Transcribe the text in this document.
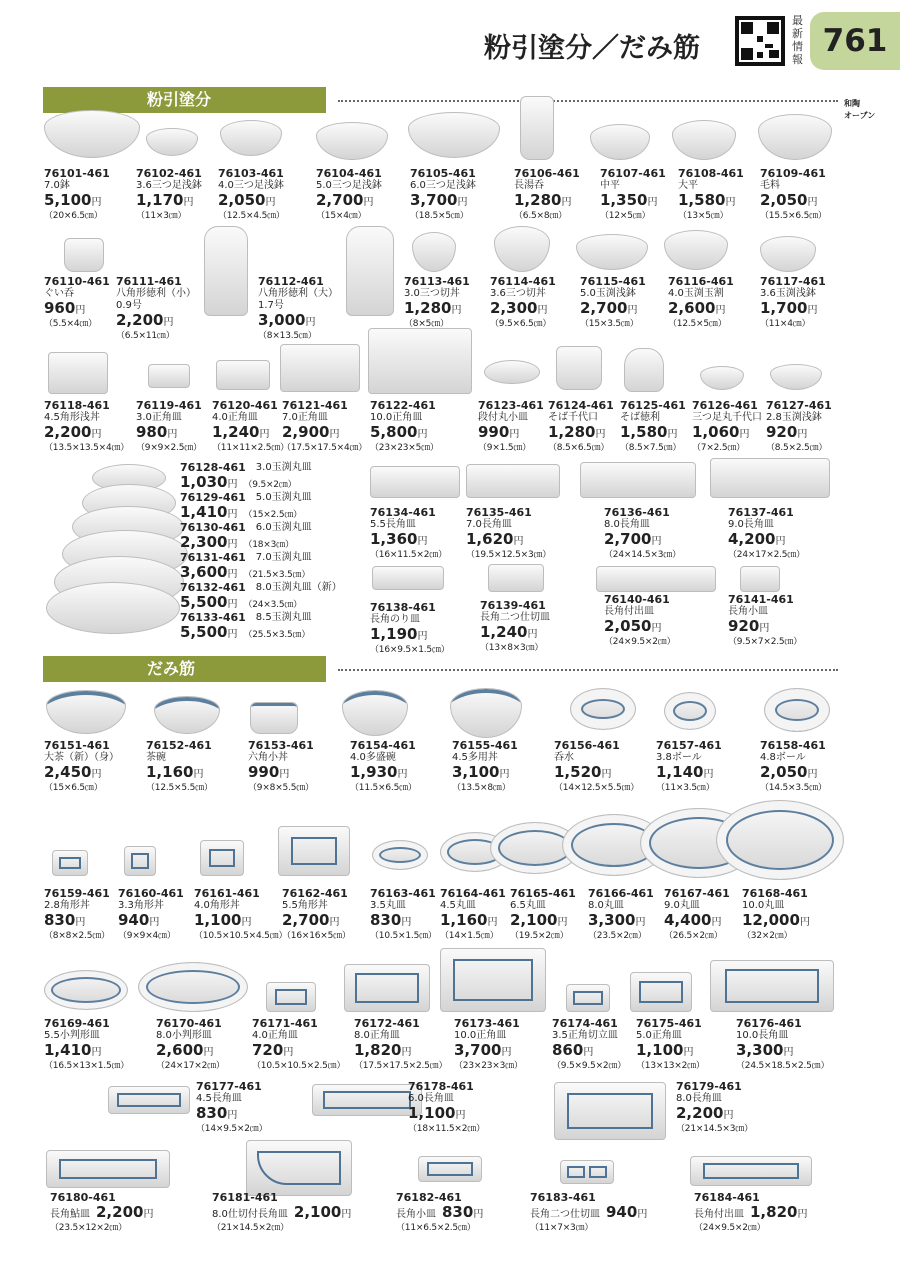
粉引塗分／だみ筋
最新情報
761
和陶
オーブン
粉引塗分
だみ筋
76101-461
7.0鉢
5,100円
（20×6.5㎝）
76102-461
3.6三つ足浅鉢
1,170円
（11×3㎝）
76103-461
4.0三つ足浅鉢
2,050円
（12.5×4.5㎝）
76104-461
5.0三つ足浅鉢
2,700円
（15×4㎝）
76105-461
6.0三つ足浅鉢
3,700円
（18.5×5㎝）
76106-461
長湯呑
1,280円
（6.5×8㎝）
76107-461
中平
1,350円
（12×5㎝）
76108-461
大平
1,580円
（13×5㎝）
76109-461
毛料
2,050円
（15.5×6.5㎝）
76110-461
ぐい呑
960円
（5.5×4㎝）
76111-461
八角形徳利（小）
0.9号
2,200円
（6.5×11㎝）
76112-461
八角形徳利（大）
1.7号
3,000円
（8×13.5㎝）
76113-461
3.0三つ切丼
1,280円
（8×5㎝）
76114-461
3.6三つ切丼
2,300円
（9.5×6.5㎝）
76115-461
5.0玉渕浅鉢
2,700円
（15×3.5㎝）
76116-461
4.0玉渕玉割
2,600円
（12.5×5㎝）
76117-461
3.6玉渕浅鉢
1,700円
（11×4㎝）
76118-461
4.5角形浅丼
2,200円
（13.5×13.5×4㎝）
76119-461
3.0正角皿
980円
（9×9×2.5㎝）
76120-461
4.0正角皿
1,240円
（11×11×2.5㎝）
76121-461
7.0正角皿
2,900円
（17.5×17.5×4㎝）
76122-461
10.0正角皿
5,800円
（23×23×5㎝）
76123-461
段付丸小皿
990円
（9×1.5㎝）
76124-461
そば千代口
1,280円
（8.5×6.5㎝）
76125-461
そば徳利
1,580円
（8.5×7.5㎝）
76126-461
三つ足丸千代口
1,060円
（7×2.5㎝）
76127-461
2.8玉渕浅鉢
920円
（8.5×2.5㎝）
76128-461 3.0玉渕丸皿
1,030円 （9.5×2㎝）
76129-461 5.0玉渕丸皿
1,410円 （15×2.5㎝）
76130-461 6.0玉渕丸皿
2,300円 （18×3㎝）
76131-461 7.0玉渕丸皿
3,600円 （21.5×3.5㎝）
76132-461 8.0玉渕丸皿（新）
5,500円 （24×3.5㎝）
76133-461 8.5玉渕丸皿
5,500円 （25.5×3.5㎝）
76134-461
5.5長角皿
1,360円
（16×11.5×2㎝）
76135-461
7.0長角皿
1,620円
（19.5×12.5×3㎝）
76136-461
8.0長角皿
2,700円
（24×14.5×3㎝）
76137-461
9.0長角皿
4,200円
（24×17×2.5㎝）
76138-461
長角のり皿
1,190円
（16×9.5×1.5㎝）
76139-461
長角二つ仕切皿
1,240円
（13×8×3㎝）
76140-461
長角付出皿
2,050円
（24×9.5×2㎝）
76141-461
長角小皿
920円
（9.5×7×2.5㎝）
76151-461
大茶（新）（身）
2,450円
（15×6.5㎝）
76152-461
茶碗
1,160円
（12.5×5.5㎝）
76153-461
六角小丼
990円
（9×8×5.5㎝）
76154-461
4.0多盛碗
1,930円
（11.5×6.5㎝）
76155-461
4.5多用丼
3,100円
（13.5×8㎝）
76156-461
呑水
1,520円
（14×12.5×5.5㎝）
76157-461
3.8ボール
1,140円
（11×3.5㎝）
76158-461
4.8ボール
2,050円
（14.5×3.5㎝）
76159-461
2.8角形丼
830円
（8×8×2.5㎝）
76160-461
3.3角形丼
940円
（9×9×4㎝）
76161-461
4.0角形丼
1,100円
（10.5×10.5×4.5㎝）
76162-461
5.5角形丼
2,700円
（16×16×5㎝）
76163-461
3.5丸皿
830円
（10.5×1.5㎝）
76164-461
4.5丸皿
1,160円
（14×1.5㎝）
76165-461
6.5丸皿
2,100円
（19.5×2㎝）
76166-461
8.0丸皿
3,300円
（23.5×2㎝）
76167-461
9.0丸皿
4,400円
（26.5×2㎝）
76168-461
10.0丸皿
12,000円
（32×2㎝）
76169-461
5.5小判形皿
1,410円
（16.5×13×1.5㎝）
76170-461
8.0小判形皿
2,600円
（24×17×2㎝）
76171-461
4.0正角皿
720円
（10.5×10.5×2.5㎝）
76172-461
8.0正角皿
1,820円
（17.5×17.5×2.5㎝）
76173-461
10.0正角皿
3,700円
（23×23×3㎝）
76174-461
3.5正角切立皿
860円
（9.5×9.5×2㎝）
76175-461
5.0正角皿
1,100円
（13×13×2㎝）
76176-461
10.0長角皿
3,300円
（24.5×18.5×2.5㎝）
76177-461
4.5長角皿
830円
（14×9.5×2㎝）
76178-461
6.0長角皿
1,100円
（18×11.5×2㎝）
76179-461
8.0長角皿
2,200円
（21×14.5×3㎝）
76180-461
長角鮎皿 2,200円
（23.5×12×2㎝）
76181-461
8.0仕切付長角皿 2,100円
（21×14.5×2㎝）
76182-461
長角小皿 830円
（11×6.5×2.5㎝）
76183-461
長角二つ仕切皿 940円
（11×7×3㎝）
76184-461
長角付出皿 1,820円
（24×9.5×2㎝）
